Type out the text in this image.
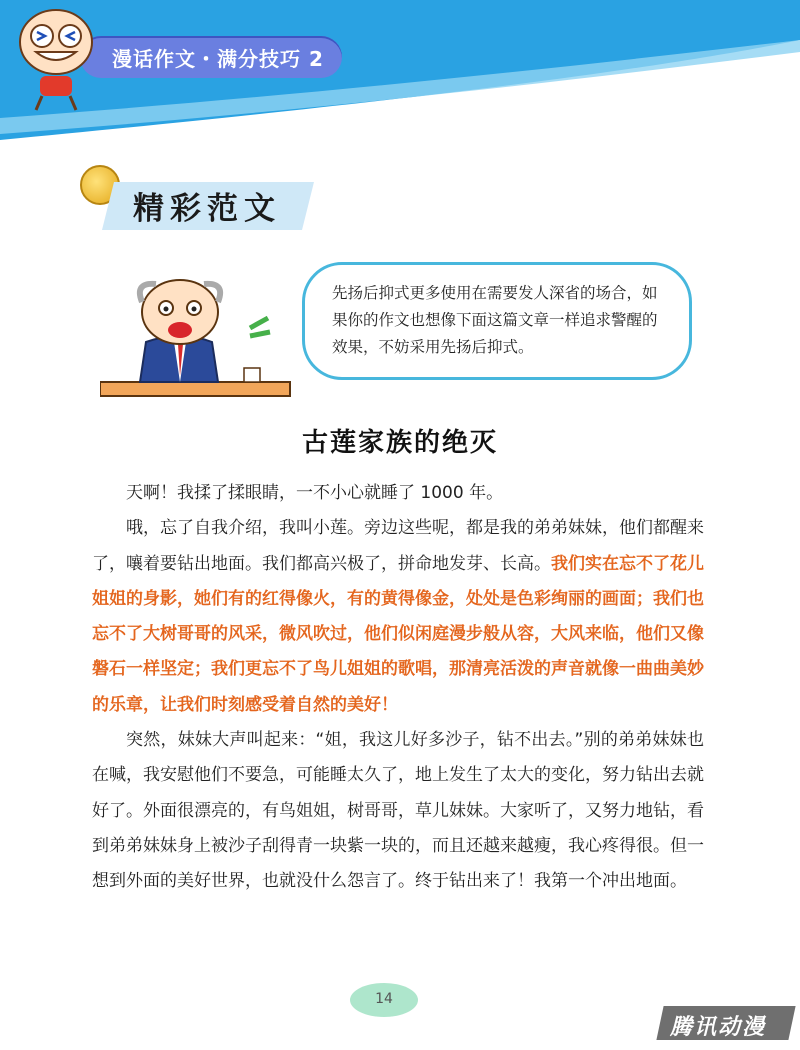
漫话作文・满分技巧 2
精彩范文
先扬后抑式更多使用在需要发人深省的场合，如果你的作文也想像下面这篇文章一样追求警醒的效果，不妨采用先扬后抑式。
古莲家族的绝灭

天啊！我揉了揉眼睛，一不小心就睡了 1000 年。

哦，忘了自我介绍，我叫小莲。旁边这些呢，都是我的弟弟妹妹，他们都醒来了，嚷着要钻出地面。我们都高兴极了，拼命地发芽、长高。我们实在忘不了花儿姐姐的身影，她们有的红得像火，有的黄得像金，处处是色彩绚丽的画面；我们也忘不了大树哥哥的风采，微风吹过，他们似闲庭漫步般从容，大风来临，他们又像磐石一样坚定；我们更忘不了鸟儿姐姐的歌唱，那清亮活泼的声音就像一曲曲美妙的乐章，让我们时刻感受着自然的美好！

突然，妹妹大声叫起来：“姐，我这儿好多沙子，钻不出去。”别的弟弟妹妹也在喊，我安慰他们不要急，可能睡太久了，地上发生了太大的变化，努力钻出去就好了。外面很漂亮的，有鸟姐姐，树哥哥，草儿妹妹。大家听了，又努力地钻，看到弟弟妹妹身上被沙子刮得青一块紫一块的，而且还越来越瘦，我心疼得很。但一想到外面的美好世界，也就没什么怨言了。终于钻出来了！我第一个冲出地面。

14
腾讯动漫
